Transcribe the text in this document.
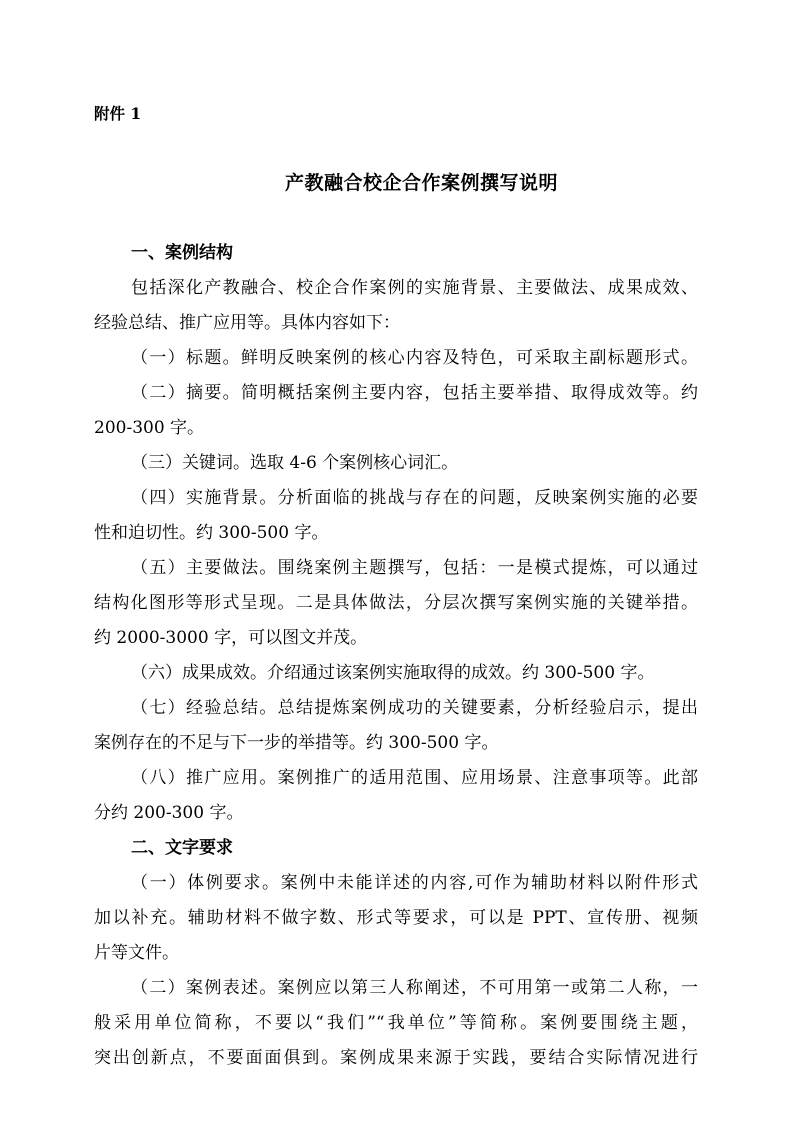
附件 1
产教融合校企合作案例撰写说明
一、案例结构
包括深化产教融合、校企合作案例的实施背景、主要做法、成果成效、
经验总结、推广应用等。具体内容如下：
（一）标题。鲜明反映案例的核心内容及特色，可采取主副标题形式。
（二）摘要。简明概括案例主要内容，包括主要举措、取得成效等。约
200-300 字。
（三）关键词。选取 4-6 个案例核心词汇。
（四）实施背景。分析面临的挑战与存在的问题，反映案例实施的必要
性和迫切性。约 300-500 字。
（五）主要做法。围绕案例主题撰写，包括：一是模式提炼，可以通过
结构化图形等形式呈现。二是具体做法，分层次撰写案例实施的关键举措。
约 2000-3000 字，可以图文并茂。
（六）成果成效。介绍通过该案例实施取得的成效。约 300-500 字。
（七）经验总结。总结提炼案例成功的关键要素，分析经验启示，提出
案例存在的不足与下一步的举措等。约 300-500 字。
（八）推广应用。案例推广的适用范围、应用场景、注意事项等。此部
分约 200-300 字。
二、文字要求
（一）体例要求。案例中未能详述的内容,可作为辅助材料以附件形式
加以补充。辅助材料不做字数、形式等要求，可以是 PPT、宣传册、视频
片等文件。
（二）案例表述。案例应以第三人称阐述，不可用第一或第二人称，一
般采用单位简称，不要以“我们”“我单位”等简称。案例要围绕主题，
突出创新点，不要面面俱到。案例成果来源于实践，要结合实际情况进行
